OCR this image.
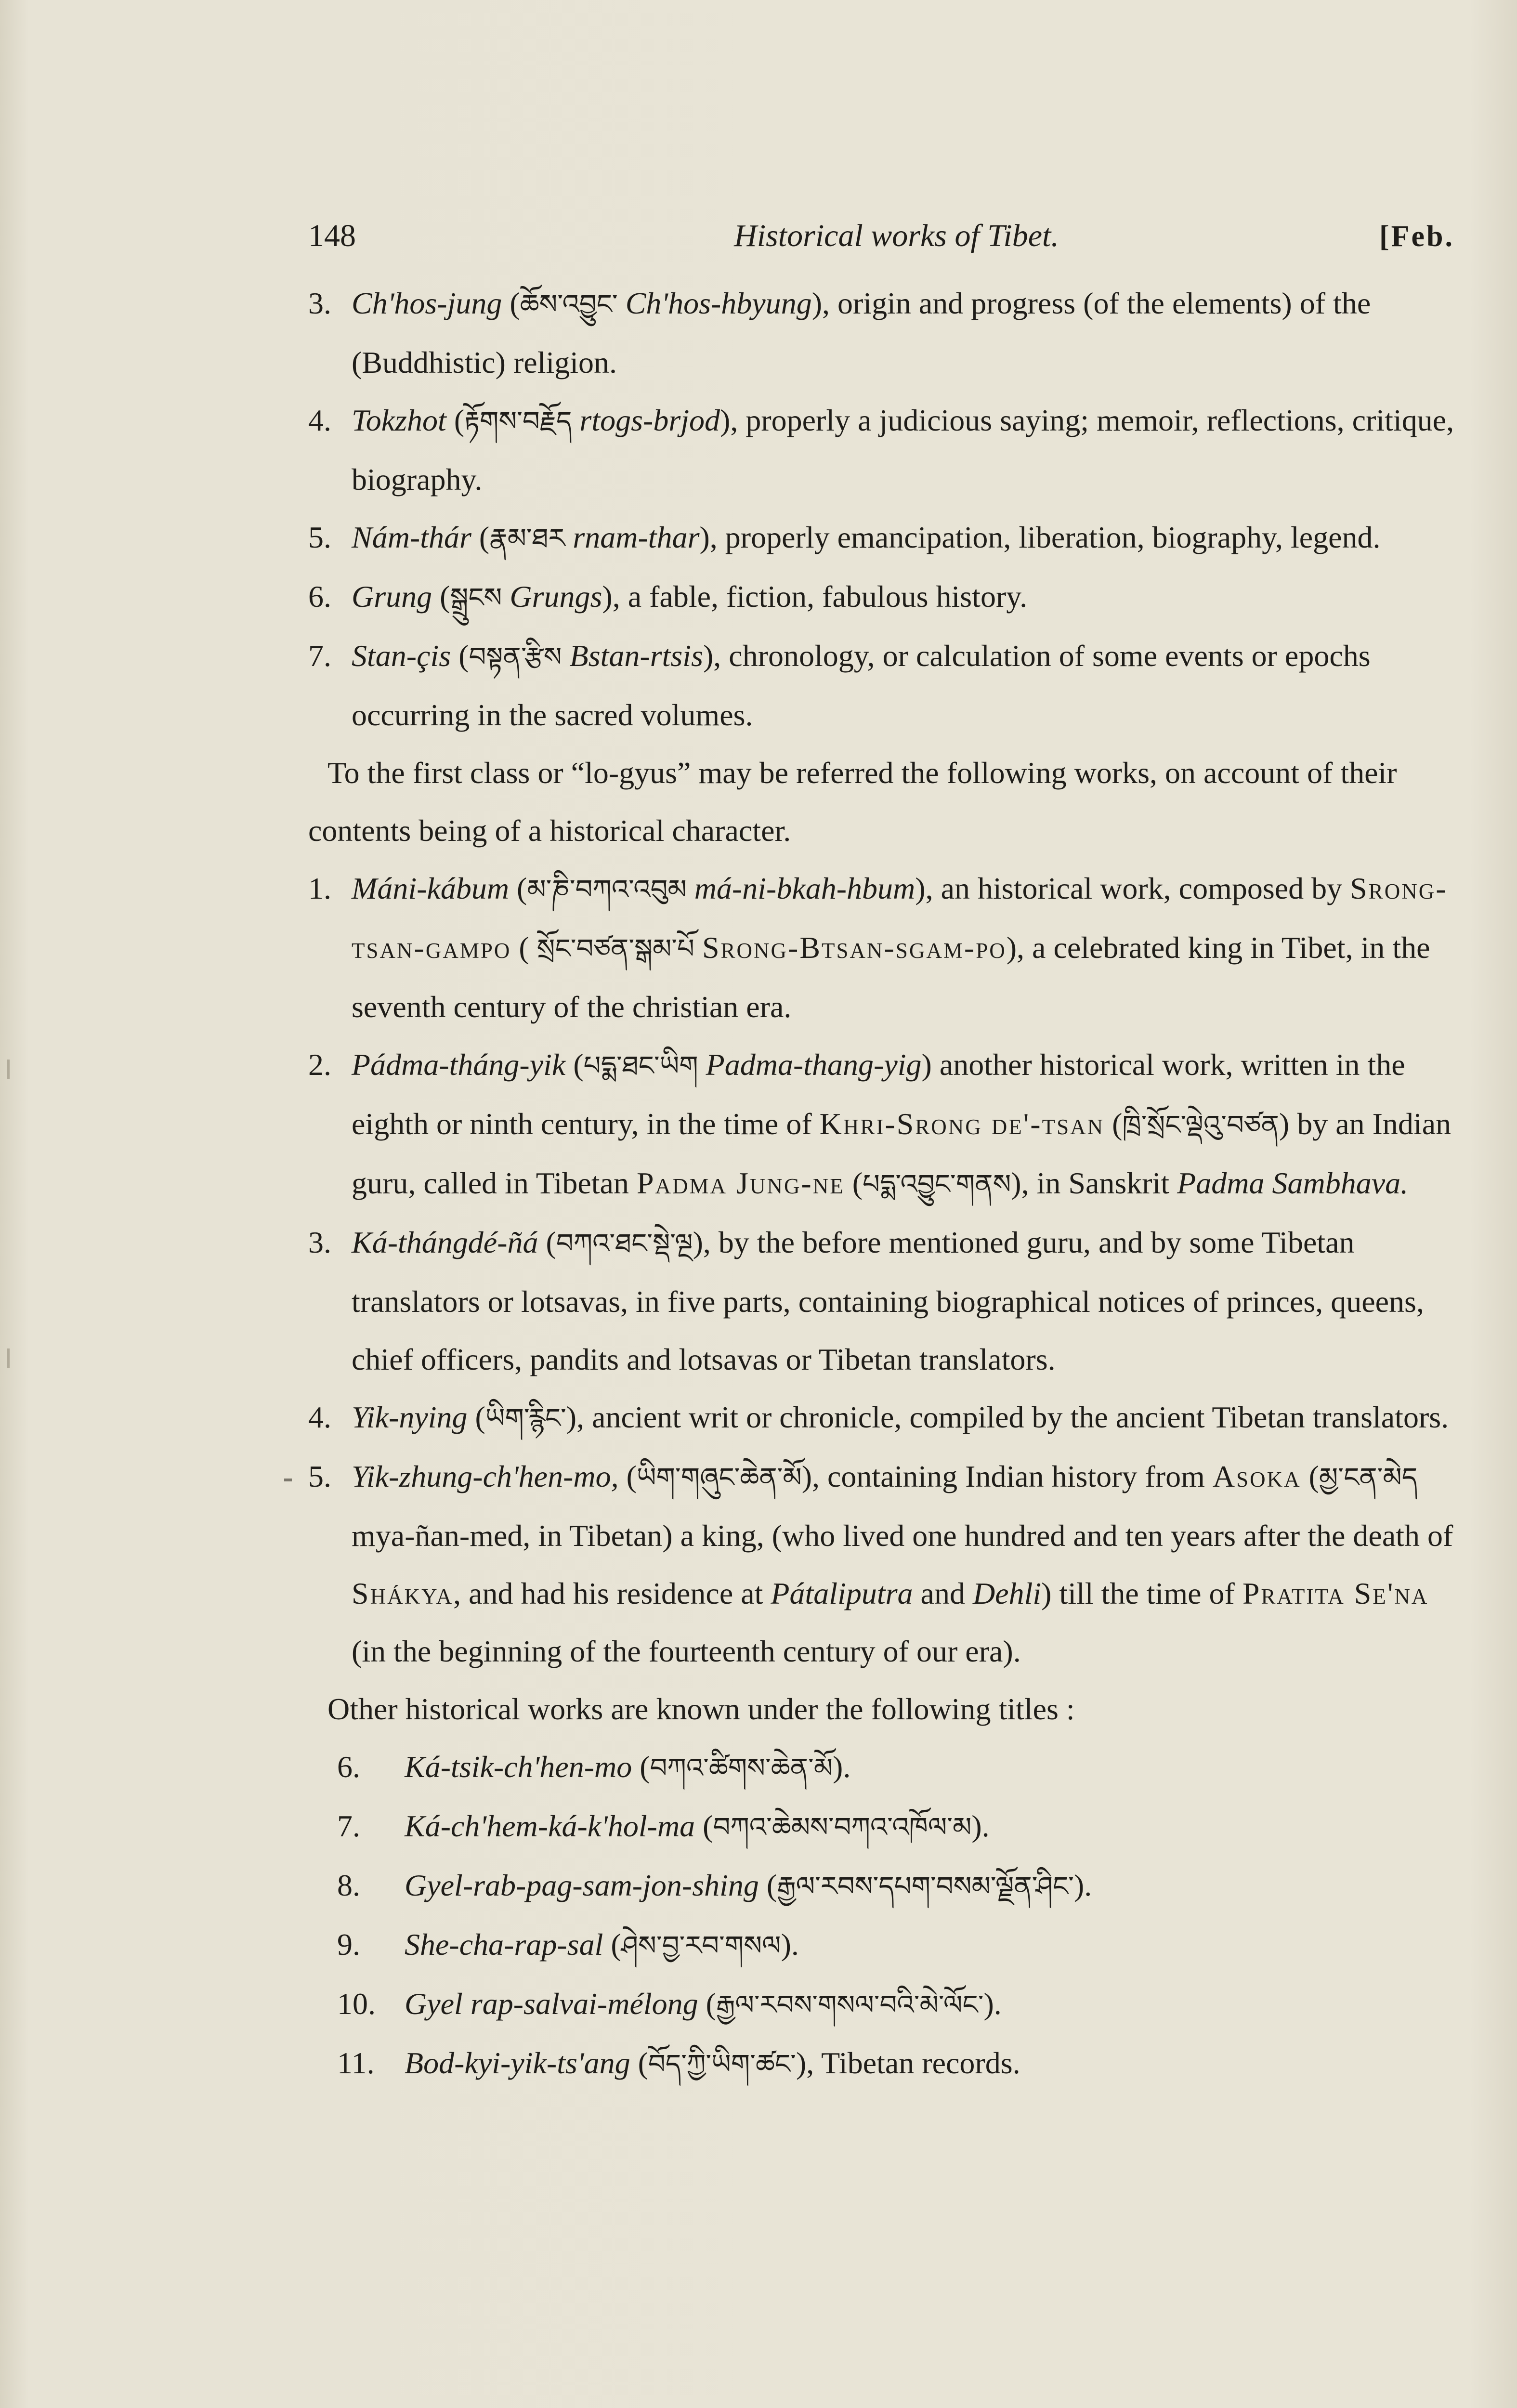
148	Historical works of Tibet.	[Feb.

3. Ch'hos-jung (ཆོས་འབྱུང་ Ch'hos-hbyung), origin and progress (of the elements) of the (Buddhistic) religion.

4. Tokzhot (རྟོགས་བརྗོད rtogs-brjod), properly a judicious saying; memoir, reflections, critique, biography.

5. Nám-thár (རྣམ་ཐར rnam-thar), properly emancipation, liberation, biography, legend.

6. Grung (སྒྲུངས Grungs), a fable, fiction, fabulous history.

7. Stan-çis (བསྟན་རྩིས Bstan-rtsis), chronology, or calculation of some events or epochs occurring in the sacred volumes.

To the first class or “lo-gyus” may be referred the following works, on account of their contents being of a historical character.

1. Máni-kábum (མ་ཎི་བཀའ་འབུམ má-ni-bkah-hbum), an historical work, composed by Srong-tsan-gampo ( སྲོང་བཙན་སྒམ་པོ Srong-Btsan-sgam-po), a celebrated king in Tibet, in the seventh century of the christian era.

2. Pádma-tháng-yik (པདྨ་ཐང་ཡིག Padma-thang-yig) another historical work, written in the eighth or ninth century, in the time of Khri-Srong de'-tsan (ཁྲི་སྲོང་ལྡེའུ་བཙན) by an Indian guru, called in Tibetan Padma Jung-ne (པདྨ་འབྱུང་གནས), in Sanskrit Padma Sambhava.

3. Ká-thángdé-ñá (བཀའ་ཐང་སྡེ་ལྔ), by the before mentioned guru, and by some Tibetan translators or lotsavas, in five parts, containing biographical notices of princes, queens, chief officers, pandits and lotsavas or Tibetan translators.

4. Yik-nying (ཡིག་རྙིང་), ancient writ or chronicle, compiled by the ancient Tibetan translators.

5. Yik-zhung-ch'hen-mo, (ཡིག་གཞུང་ཆེན་མོ), containing Indian history from Asoka (མྱ་ངན་མེད mya-ñan-med, in Tibetan) a king, (who lived one hundred and ten years after the death of Shákya, and had his residence at Pátaliputra and Dehli) till the time of Pratita Se'na (in the beginning of the fourteenth century of our era).

Other historical works are known under the following titles :

6.	Ká-tsik-ch'hen-mo (བཀའ་ཚིགས་ཆེན་མོ).
7.	Ká-ch'hem-ká-k'hol-ma (བཀའ་ཆེམས་བཀའ་འཁོལ་མ).
8.	Gyel-rab-pag-sam-jon-shing (རྒྱལ་རབས་དཔག་བསམ་ལྗོན་ཤིང་).
9.	She-cha-rap-sal (ཤེས་བྱ་རབ་གསལ).
10. Gyel rap-salvai-mélong (རྒྱལ་རབས་གསལ་བའི་མེ་ལོང་).
11. Bod-kyi-yik-ts'ang (བོད་ཀྱི་ཡིག་ཚང་), Tibetan records.
